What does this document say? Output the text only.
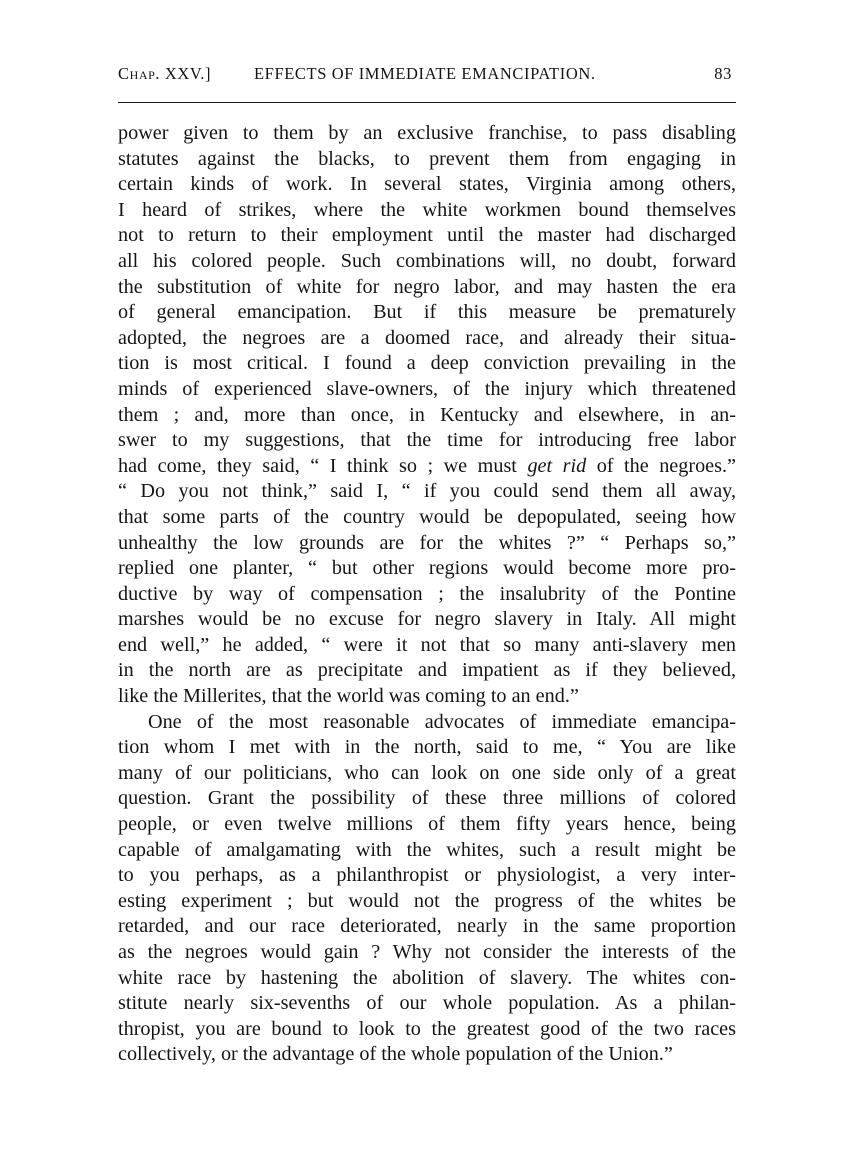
Chap. XXV.]	EFFECTS OF IMMEDIATE EMANCIPATION.	83
power given to them by an exclusive franchise, to pass disabling
statutes against the blacks, to prevent them from engaging in
certain kinds of work. In several states, Virginia among others,
I heard of strikes, where the white workmen bound themselves
not to return to their employment until the master had discharged
all his colored people. Such combinations will, no doubt, forward
the substitution of white for negro labor, and may hasten the era
of general emancipation. But if this measure be prematurely
adopted, the negroes are a doomed race, and already their situa-
tion is most critical. I found a deep conviction prevailing in the
minds of experienced slave-owners, of the injury which threatened
them ; and, more than once, in Kentucky and elsewhere, in an-
swer to my suggestions, that the time for introducing free labor
had come, they said, “ I think so ; we must get rid of the negroes.”
“ Do you not think,” said I, “ if you could send them all away,
that some parts of the country would be depopulated, seeing how
unhealthy the low grounds are for the whites ?” “ Perhaps so,”
replied one planter, “ but other regions would become more pro-
ductive by way of compensation ; the insalubrity of the Pontine
marshes would be no excuse for negro slavery in Italy. All might
end well,” he added, “ were it not that so many anti-slavery men
in the north are as precipitate and impatient as if they believed,
like the Millerites, that the world was coming to an end.”
One of the most reasonable advocates of immediate emancipa-
tion whom I met with in the north, said to me, “ You are like
many of our politicians, who can look on one side only of a great
question. Grant the possibility of these three millions of colored
people, or even twelve millions of them fifty years hence, being
capable of amalgamating with the whites, such a result might be
to you perhaps, as a philanthropist or physiologist, a very inter-
esting experiment ; but would not the progress of the whites be
retarded, and our race deteriorated, nearly in the same proportion
as the negroes would gain ? Why not consider the interests of the
white race by hastening the abolition of slavery. The whites con-
stitute nearly six-sevenths of our whole population. As a philan-
thropist, you are bound to look to the greatest good of the two races
collectively, or the advantage of the whole population of the Union.”
